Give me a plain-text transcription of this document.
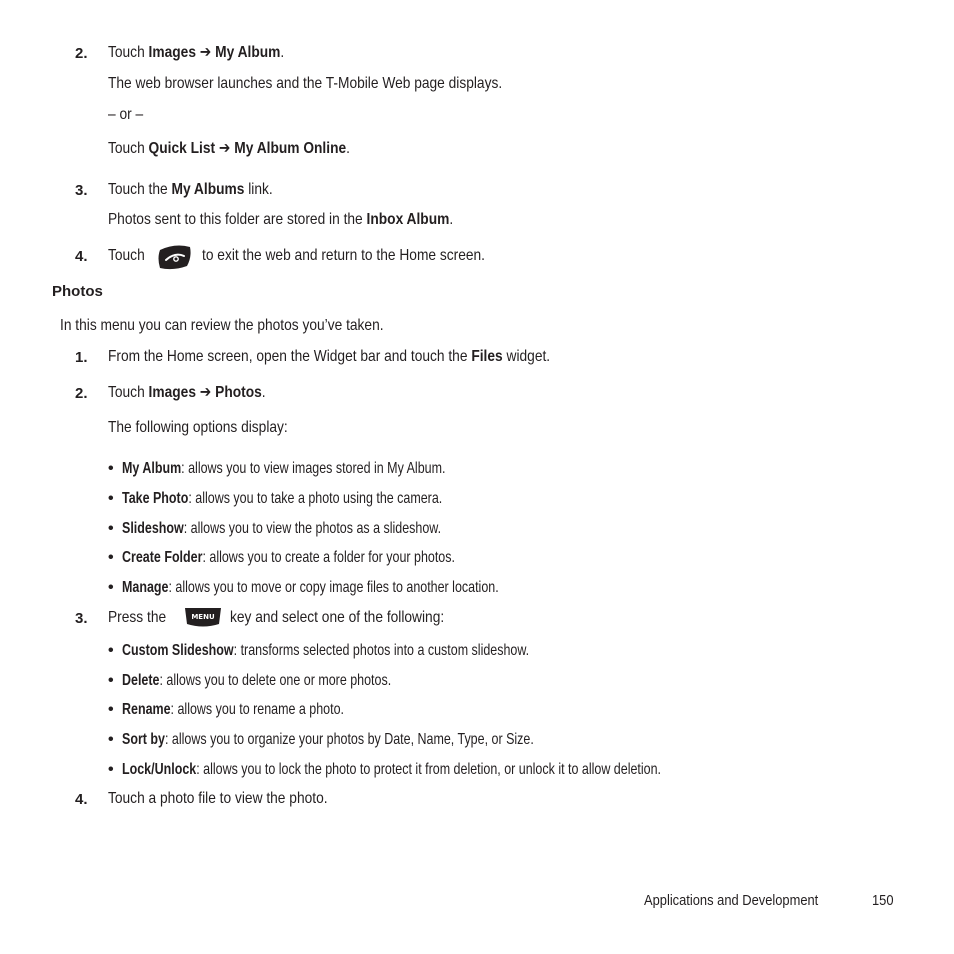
2. Touch Images ➔ My Album.
The web browser launches and the T-Mobile Web page displays.
– or –
Touch Quick List ➔ My Album Online.
3. Touch the My Albums link.
Photos sent to this folder are stored in the Inbox Album.
4. Touch	to exit the web and return to the Home screen.
Photos
In this menu you can review the photos you’ve taken.
1. From the Home screen, open the Widget bar and touch the Files widget.
2. Touch Images ➔ Photos.
The following options display:
• My Album: allows you to view images stored in My Album.
• Take Photo: allows you to take a photo using the camera.
• Slideshow: allows you to view the photos as a slideshow.
• Create Folder: allows you to create a folder for your photos.
• Manage: allows you to move or copy image files to another location.
3. Press the	MENU key and select one of the following:
• Custom Slideshow: transforms selected photos into a custom slideshow.
• Delete: allows you to delete one or more photos.
• Rename: allows you to rename a photo.
• Sort by: allows you to organize your photos by Date, Name, Type, or Size.
• Lock/Unlock: allows you to lock the photo to protect it from deletion, or unlock it to allow deletion.
4. Touch a photo file to view the photo.
Applications and Development	150
